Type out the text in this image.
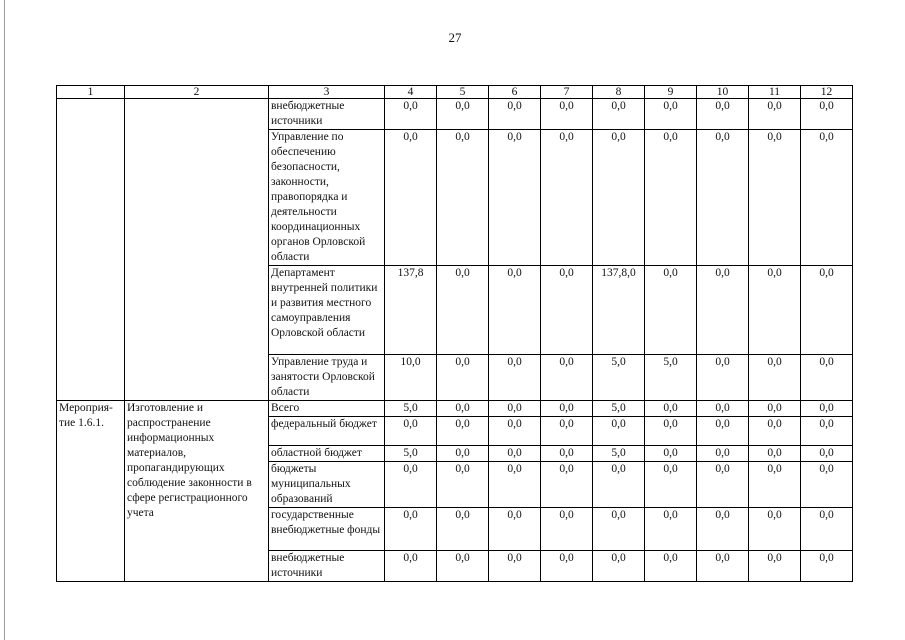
27
1	2	3	4	5	6	7	8	9	10	11	12
		внебюджетные источники	0,0	0,0	0,0	0,0	0,0	0,0	0,0	0,0	0,0
		Управление по обеспечению безопасности, законности, правопорядка и деятельности координационных органов Орловской области	0,0	0,0	0,0	0,0	0,0	0,0	0,0	0,0	0,0
		Департамент внутренней политики и развития местного самоуправления Орловской области	137,8	0,0	0,0	0,0	137,8,0	0,0	0,0	0,0	0,0
		Управление труда и занятости Орловской области	10,0	0,0	0,0	0,0	5,0	5,0	0,0	0,0	0,0
Мероприя-тие 1.6.1.	Изготовление и распространение информационных материалов, пропагандирующих соблюдение законности в сфере регистрационного учета	Всего	5,0	0,0	0,0	0,0	5,0	0,0	0,0	0,0	0,0
		федеральный бюджет	0,0	0,0	0,0	0,0	0,0	0,0	0,0	0,0	0,0
		областной бюджет	5,0	0,0	0,0	0,0	5,0	0,0	0,0	0,0	0,0
		бюджеты муниципальных образований	0,0	0,0	0,0	0,0	0,0	0,0	0,0	0,0	0,0
		государственные внебюджетные фонды	0,0	0,0	0,0	0,0	0,0	0,0	0,0	0,0	0,0
		внебюджетные источники	0,0	0,0	0,0	0,0	0,0	0,0	0,0	0,0	0,0
